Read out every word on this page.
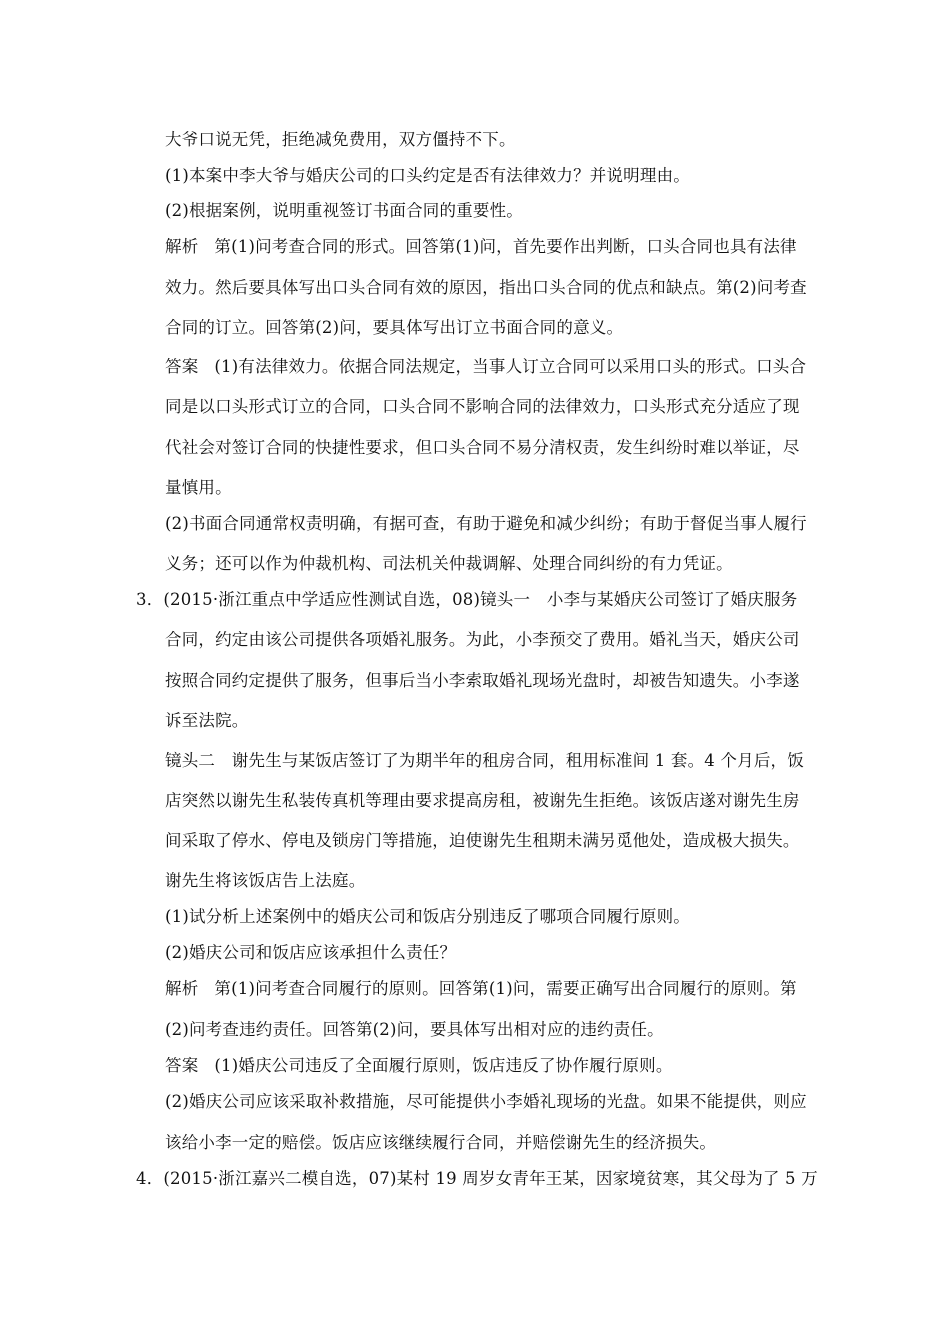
大爷口说无凭，拒绝减免费用，双方僵持不下。
(1)本案中李大爷与婚庆公司的口头约定是否有法律效力？并说明理由。
(2)根据案例，说明重视签订书面合同的重要性。
解析 第(1)问考查合同的形式。回答第(1)问，首先要作出判断，口头合同也具有法律
效力。然后要具体写出口头合同有效的原因，指出口头合同的优点和缺点。第(2)问考查
合同的订立。回答第(2)问，要具体写出订立书面合同的意义。
答案 (1)有法律效力。依据合同法规定，当事人订立合同可以采用口头的形式。口头合
同是以口头形式订立的合同，口头合同不影响合同的法律效力，口头形式充分适应了现
代社会对签订合同的快捷性要求，但口头合同不易分清权责，发生纠纷时难以举证，尽
量慎用。
(2)书面合同通常权责明确，有据可查，有助于避免和减少纠纷；有助于督促当事人履行
义务；还可以作为仲裁机构、司法机关仲裁调解、处理合同纠纷的有力凭证。
3．(2015·浙江重点中学适应性测试自选，08)镜头一　小李与某婚庆公司签订了婚庆服务
合同，约定由该公司提供各项婚礼服务。为此，小李预交了费用。婚礼当天，婚庆公司
按照合同约定提供了服务，但事后当小李索取婚礼现场光盘时，却被告知遗失。小李遂
诉至法院。
镜头二　谢先生与某饭店签订了为期半年的租房合同，租用标准间 1 套。4 个月后，饭
店突然以谢先生私装传真机等理由要求提高房租，被谢先生拒绝。该饭店遂对谢先生房
间采取了停水、停电及锁房门等措施，迫使谢先生租期未满另觅他处，造成极大损失。
谢先生将该饭店告上法庭。
(1)试分析上述案例中的婚庆公司和饭店分别违反了哪项合同履行原则。
(2)婚庆公司和饭店应该承担什么责任？
解析 第(1)问考查合同履行的原则。回答第(1)问，需要正确写出合同履行的原则。第
(2)问考查违约责任。回答第(2)问，要具体写出相对应的违约责任。
答案 (1)婚庆公司违反了全面履行原则，饭店违反了协作履行原则。
(2)婚庆公司应该采取补救措施，尽可能提供小李婚礼现场的光盘。如果不能提供，则应
该给小李一定的赔偿。饭店应该继续履行合同，并赔偿谢先生的经济损失。
4．(2015·浙江嘉兴二模自选，07)某村 19 周岁女青年王某，因家境贫寒，其父母为了 5 万
